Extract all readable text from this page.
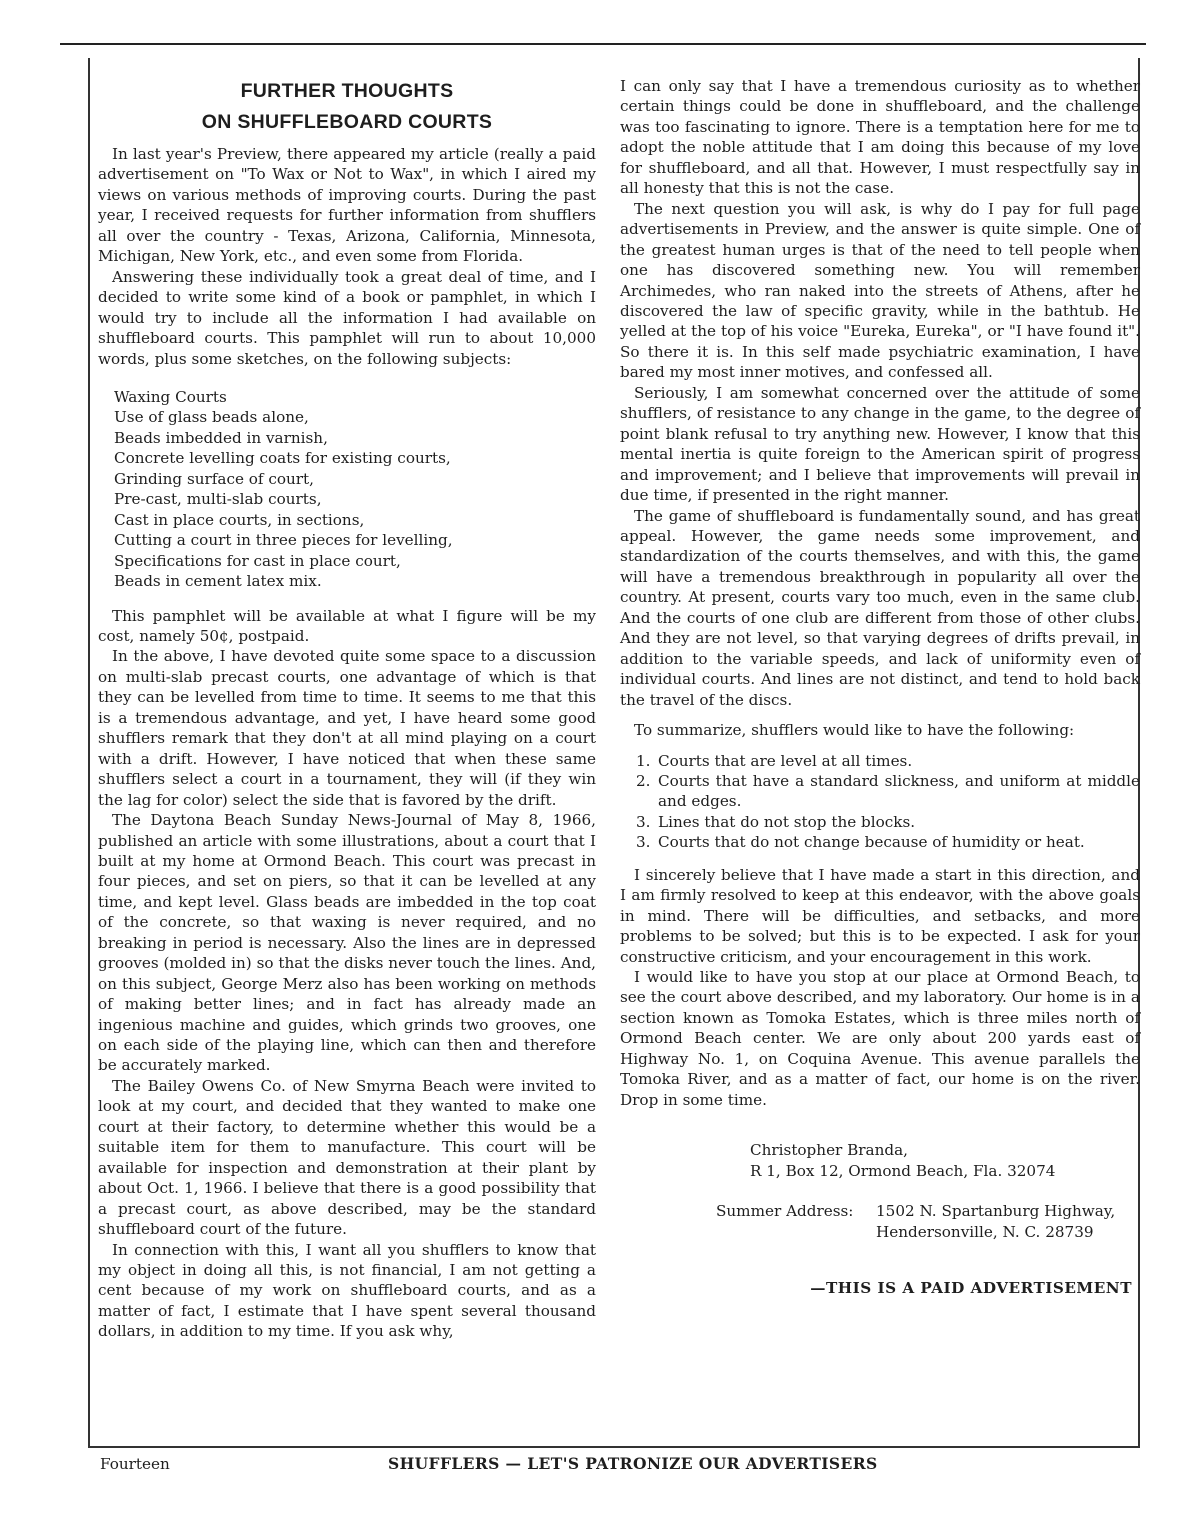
FURTHER THOUGHTS
ON SHUFFLEBOARD COURTS

In last year's Preview, there appeared my article (really a paid advertisement on "To Wax or Not to Wax", in which I aired my views on various methods of improving courts. During the past year, I received requests for further information from shufflers all over the country - Texas, Arizona, California, Minnesota, Michigan, New York, etc., and even some from Florida.

Answering these individually took a great deal of time, and I decided to write some kind of a book or pamphlet, in which I would try to include all the information I had available on shuffleboard courts. This pamphlet will run to about 10,000 words, plus some sketches, on the following subjects:

Waxing Courts
Use of glass beads alone,
Beads imbedded in varnish,
Concrete levelling coats for existing courts,
Grinding surface of court,
Pre-cast, multi-slab courts,
Cast in place courts, in sections,
Cutting a court in three pieces for levelling,
Specifications for cast in place court,
Beads in cement latex mix.

This pamphlet will be available at what I figure will be my cost, namely 50¢, postpaid.

In the above, I have devoted quite some space to a discussion on multi-slab precast courts, one advantage of which is that they can be levelled from time to time. It seems to me that this is a tremendous advantage, and yet, I have heard some good shufflers remark that they don't at all mind playing on a court with a drift. However, I have noticed that when these same shufflers select a court in a tournament, they will (if they win the lag for color) select the side that is favored by the drift.

The Daytona Beach Sunday News-Journal of May 8, 1966, published an article with some illustrations, about a court that I built at my home at Ormond Beach. This court was precast in four pieces, and set on piers, so that it can be levelled at any time, and kept level. Glass beads are imbedded in the top coat of the concrete, so that waxing is never required, and no breaking in period is necessary. Also the lines are in depressed grooves (molded in) so that the disks never touch the lines. And, on this subject, George Merz also has been working on methods of making better lines; and in fact has already made an ingenious machine and guides, which grinds two grooves, one on each side of the playing line, which can then and therefore be accurately marked.

The Bailey Owens Co. of New Smyrna Beach were invited to look at my court, and decided that they wanted to make one court at their factory, to determine whether this would be a suitable item for them to manufacture. This court will be available for inspection and demonstration at their plant by about Oct. 1, 1966. I believe that there is a good possibility that a precast court, as above described, may be the standard shuffleboard court of the future.

In connection with this, I want all you shufflers to know that my object in doing all this, is not financial, I am not getting a cent because of my work on shuffleboard courts, and as a matter of fact, I estimate that I have spent several thousand dollars, in addition to my time. If you ask why,

I can only say that I have a tremendous curiosity as to whether certain things could be done in shuffleboard, and the challenge was too fascinating to ignore. There is a temptation here for me to adopt the noble attitude that I am doing this because of my love for shuffleboard, and all that. However, I must respectfully say in all honesty that this is not the case.

The next question you will ask, is why do I pay for full page advertisements in Preview, and the answer is quite simple. One of the greatest human urges is that of the need to tell people when one has discovered something new. You will remember Archimedes, who ran naked into the streets of Athens, after he discovered the law of specific gravity, while in the bathtub. He yelled at the top of his voice "Eureka, Eureka", or "I have found it". So there it is. In this self made psychiatric examination, I have bared my most inner motives, and confessed all.

Seriously, I am somewhat concerned over the attitude of some shufflers, of resistance to any change in the game, to the degree of point blank refusal to try anything new. However, I know that this mental inertia is quite foreign to the American spirit of progress and improvement; and I believe that improvements will prevail in due time, if presented in the right manner.

The game of shuffleboard is fundamentally sound, and has great appeal. However, the game needs some improvement, and standardization of the courts themselves, and with this, the game will have a tremendous breakthrough in popularity all over the country. At present, courts vary too much, even in the same club. And the courts of one club are different from those of other clubs. And they are not level, so that varying degrees of drifts prevail, in addition to the variable speeds, and lack of uniformity even of individual courts. And lines are not distinct, and tend to hold back the travel of the discs.

To summarize, shufflers would like to have the following:

1. Courts that are level at all times.
2. Courts that have a standard slickness, and uniform at middle and edges.
3. Lines that do not stop the blocks.
3. Courts that do not change because of humidity or heat.

I sincerely believe that I have made a start in this direction, and I am firmly resolved to keep at this endeavor, with the above goals in mind. There will be difficulties, and setbacks, and more problems to be solved; but this is to be expected. I ask for your constructive criticism, and your encouragement in this work.

I would like to have you stop at our place at Ormond Beach, to see the court above described, and my laboratory. Our home is in a section known as Tomoka Estates, which is three miles north of Ormond Beach center. We are only about 200 yards east of Highway No. 1, on Coquina Avenue. This avenue parallels the Tomoka River, and as a matter of fact, our home is on the river. Drop in some time.

Christopher Branda,
R 1, Box 12, Ormond Beach, Fla. 32074
Summer Address:	1502 N. Spartanburg Highway,
Hendersonville, N. C. 28739
—THIS IS A PAID ADVERTISEMENT
Fourteen	SHUFFLERS — LET'S PATRONIZE OUR ADVERTISERS
